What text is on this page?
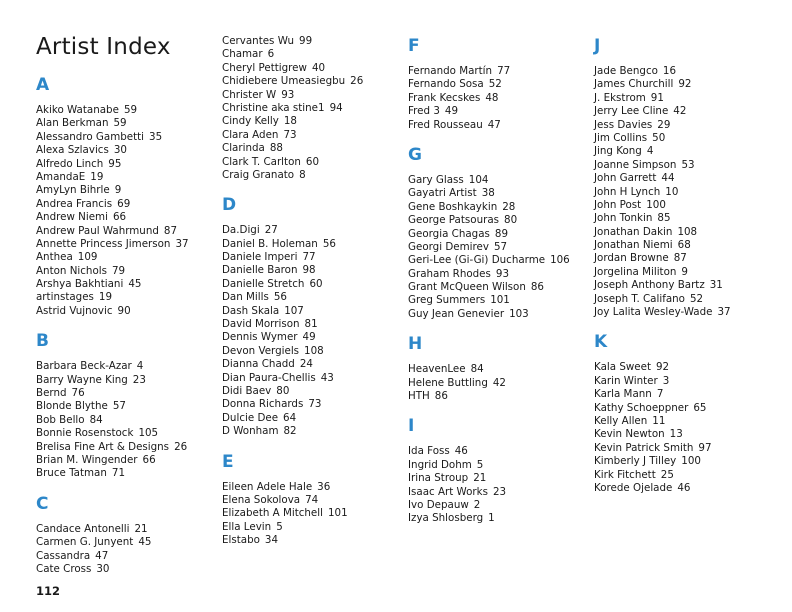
Artist Index
A
Akiko Watanabe 59
Alan Berkman 59
Alessandro Gambetti 35
Alexa Szlavics 30
Alfredo Linch 95
AmandaE 19
AmyLyn Bihrle 9
Andrea Francis 69
Andrew Niemi 66
Andrew Paul Wahrmund 87
Annette Princess Jimerson 37
Anthea 109
Anton Nichols 79
Arshya Bakhtiani 45
artinstages 19
Astrid Vujnovic 90
B
Barbara Beck-Azar 4
Barry Wayne King 23
Bernd 76
Blonde Blythe 57
Bob Bello 84
Bonnie Rosenstock 105
Brelisa Fine Art & Designs 26
Brian M. Wingender 66
Bruce Tatman 71
C
Candace Antonelli 21
Carmen G. Junyent 45
Cassandra 47
Cate Cross 30
Cervantes Wu 99
Chamar 6
Cheryl Pettigrew 40
Chidiebere Umeasiegbu 26
Christer W 93
Christine aka stine1 94
Cindy Kelly 18
Clara Aden 73
Clarinda 88
Clark T. Carlton 60
Craig Granato 8
D
Da.Digi 27
Daniel B. Holeman 56
Daniele Imperi 77
Danielle Baron 98
Danielle Stretch 60
Dan Mills 56
Dash Skala 107
David Morrison 81
Dennis Wymer 49
Devon Vergiels 108
Dianna Chadd 24
Dian Paura-Chellis 43
Didi Baev 80
Donna Richards 73
Dulcie Dee 64
D Wonham 82
E
Eileen Adele Hale 36
Elena Sokolova 74
Elizabeth A Mitchell 101
Ella Levin 5
Elstabo 34
F
Fernando Martín 77
Fernando Sosa 52
Frank Kecskes 48
Fred 3 49
Fred Rousseau 47
G
Gary Glass 104
Gayatri Artist 38
Gene Boshkaykin 28
George Patsouras 80
Georgia Chagas 89
Georgi Demirev 57
Geri-Lee (Gi-Gi) Ducharme 106
Graham Rhodes 93
Grant McQueen Wilson 86
Greg Summers 101
Guy Jean Genevier 103
H
HeavenLee 84
Helene Buttling 42
HTH 86
I
Ida Foss 46
Ingrid Dohm 5
Irina Stroup 21
Isaac Art Works 23
Ivo Depauw 2
Izya Shlosberg 1
J
Jade Bengco 16
James Churchill 92
J. Ekstrom 91
Jerry Lee Cline 42
Jess Davies 29
Jim Collins 50
Jing Kong 4
Joanne Simpson 53
John Garrett 44
John H Lynch 10
John Post 100
John Tonkin 85
Jonathan Dakin 108
Jonathan Niemi 68
Jordan Browne 87
Jorgelina Militon 9
Joseph Anthony Bartz 31
Joseph T. Califano 52
Joy Lalita Wesley-Wade 37
K
Kala Sweet 92
Karin Winter 3
Karla Mann 7
Kathy Schoeppner 65
Kelly Allen 11
Kevin Newton 13
Kevin Patrick Smith 97
Kimberly J Tilley 100
Kirk Fitchett 25
Korede Ojelade 46
112
